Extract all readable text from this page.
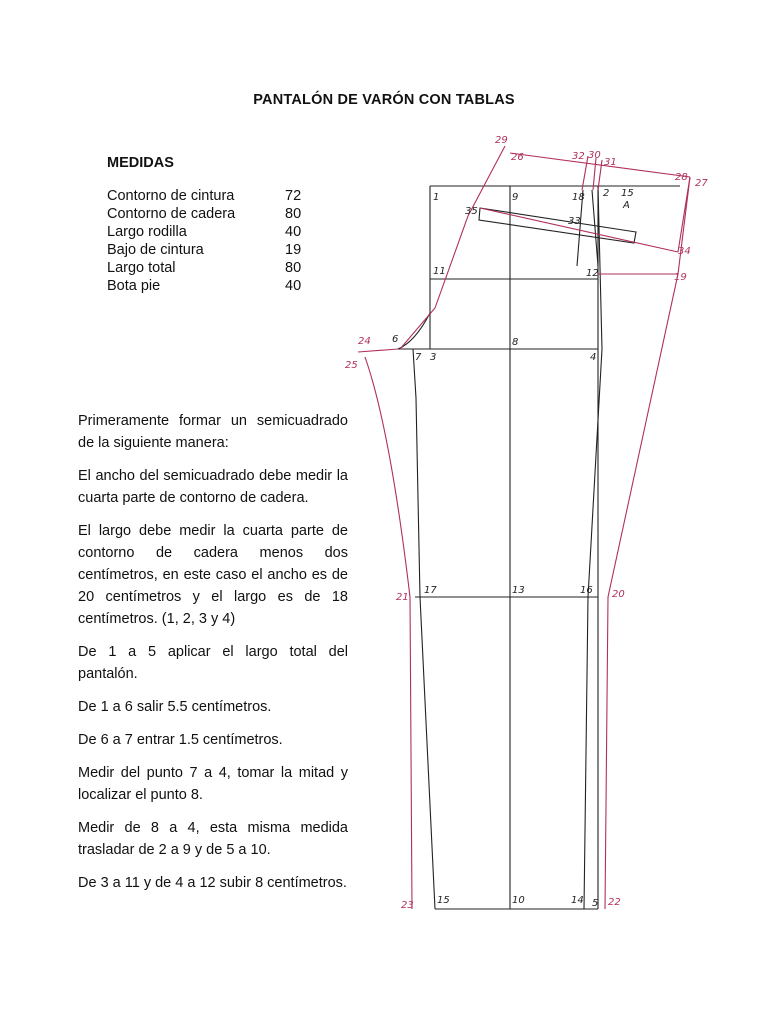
PANTALÓN DE VARÓN CON TABLAS
MEDIDAS
Contorno de cintura	72
Contorno de cadera	80
Largo rodilla	40
Bajo de cintura	19
Largo total	80
Bota pie	40

Primeramente formar un semicuadrado de la siguiente manera:

El ancho del semicuadrado debe medir la cuarta parte de contorno de cadera.

El largo debe medir la cuarta parte de contorno de cadera menos dos centímetros, en este caso el ancho es de 20 centímetros y el largo es de 18 centímetros. (1, 2, 3 y 4)

De 1 a 5 aplicar el largo total del pantalón.

De 1 a 6 salir 5.5 centímetros.

De 6 a 7 entrar 1.5 centímetros.

Medir del punto 7 a 4, tomar la mitad y localizar el punto 8.

Medir de 8 a 4, esta misma medida trasladar de 2 a 9 y de 5 a 10.

De 3 a 11 y de 4 a 12 subir 8 centímetros.

1	9	18 2 15
A
35
33
11	12
6
7 3
8
4
17	13	16
15	10	14 5
29
26	32 30
31
28
27
34
19
24
25
21	20
23	22
